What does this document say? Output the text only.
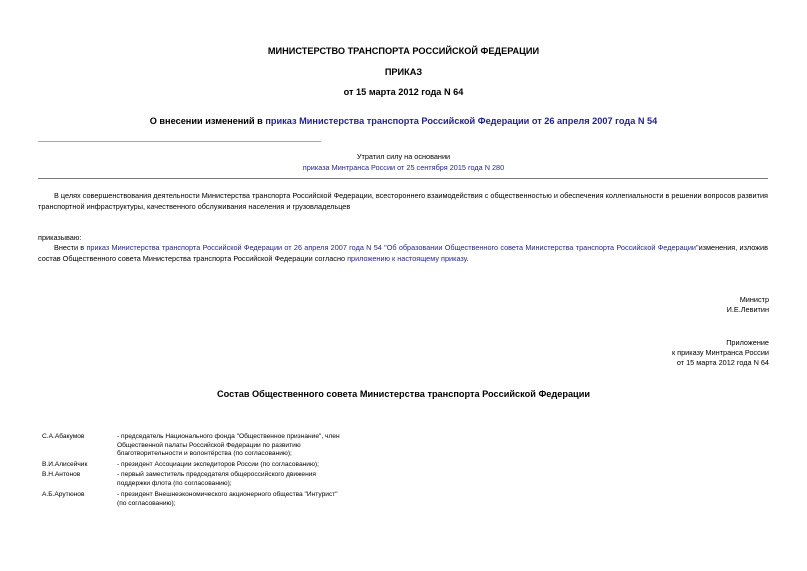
МИНИСТЕРСТВО ТРАНСПОРТА РОССИЙСКОЙ ФЕДЕРАЦИИ
ПРИКАЗ
от 15 марта 2012 года N 64
О внесении изменений в приказ Министерства транспорта Российской Федерации от 26 апреля 2007 года N 54
Утратил силу на основании
приказа Минтранса России от 25 сентября 2015 года N 280
В целях совершенствования деятельности Министерства транспорта Российской Федерации, всестороннего взаимодействия с общественностью и обеспечения коллегиальности в решении вопросов развития транспортной инфраструктуры, качественного обслуживания населения и грузовладельцев
приказываю:
Внести в приказ Министерства транспорта Российской Федерации от 26 апреля 2007 года N 54 "Об образовании Общественного совета Министерства транспорта Российской Федерации"изменения, изложив состав Общественного совета Министерства транспорта Российской Федерации согласно приложению к настоящему приказу.
Министр
И.Е.Левитин
Приложение
к приказу Минтранса России
от 15 марта 2012 года N 64
Состав Общественного совета Министерства транспорта Российской Федерации
С.А.Абакумов	- председатель Национального фонда "Общественное признание", член Общественной палаты Российской Федерации по развитию благотворительности и волонтёрства (по согласованию);
В.И.Алисейчик	- президент Ассоциации экспедиторов России (по согласованию);
В.Н.Антонов	- первый заместитель председателя общероссийского движения поддержки флота (по согласованию);
А.Б.Арутюнов	- президент Внешнеэкономического акционерного общества "Интурист" (по согласованию);
